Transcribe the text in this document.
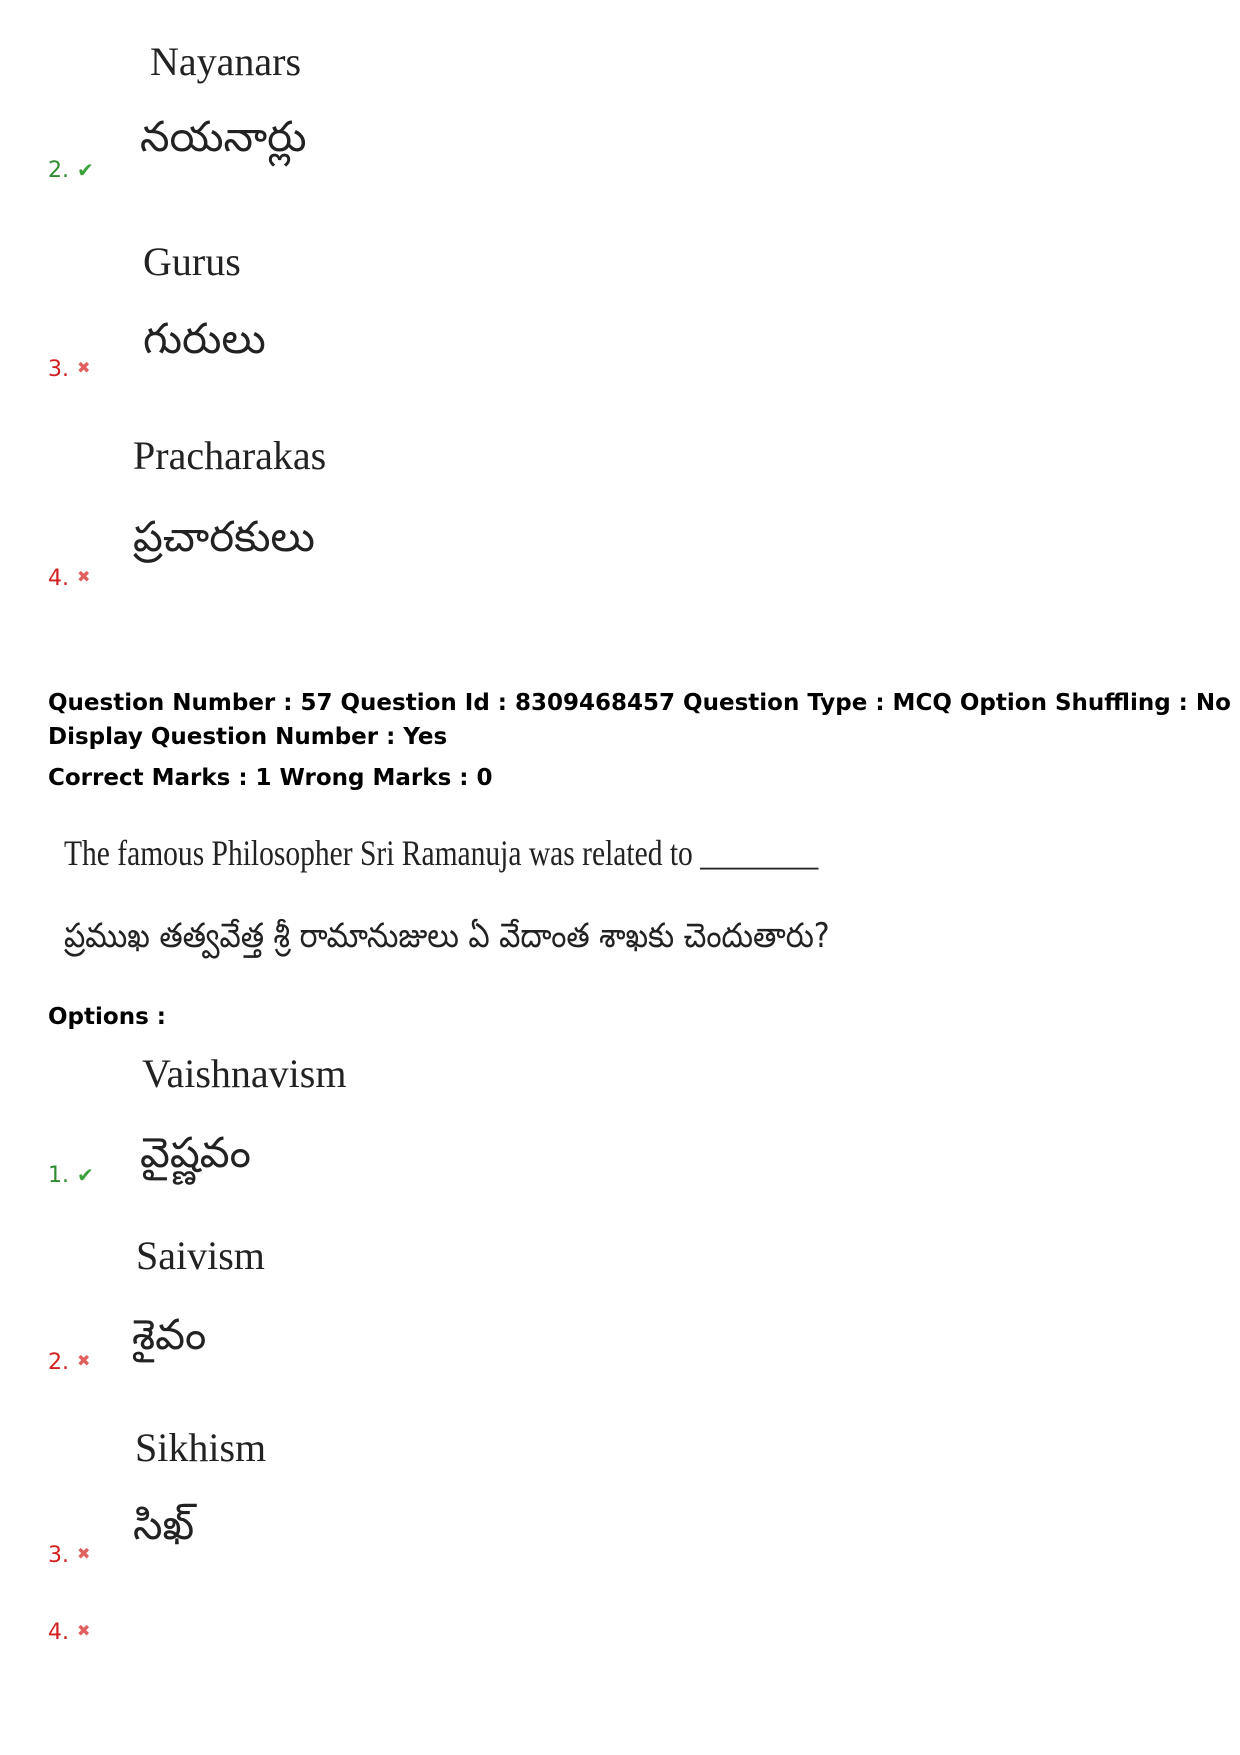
Nayanars
నయనార్లు
2. ✔
Gurus
గురులు
3. ✖
Pracharakas
ప్రచారకులు
4. ✖
Question Number : 57 Question Id : 8309468457 Question Type : MCQ Option Shuffling : No
Display Question Number : Yes
Correct Marks : 1 Wrong Marks : 0
The famous Philosopher Sri Ramanuja was related to ________
ప్రముఖ తత్వవేత్త శ్రీ రామానుజులు ఏ వేదాంత శాఖకు చెందుతారు?
Options :
Vaishnavism
వైష్ణవం
1. ✔
Saivism
శైవం
2. ✖
Sikhism
సిఖ్
3. ✖
4. ✖
